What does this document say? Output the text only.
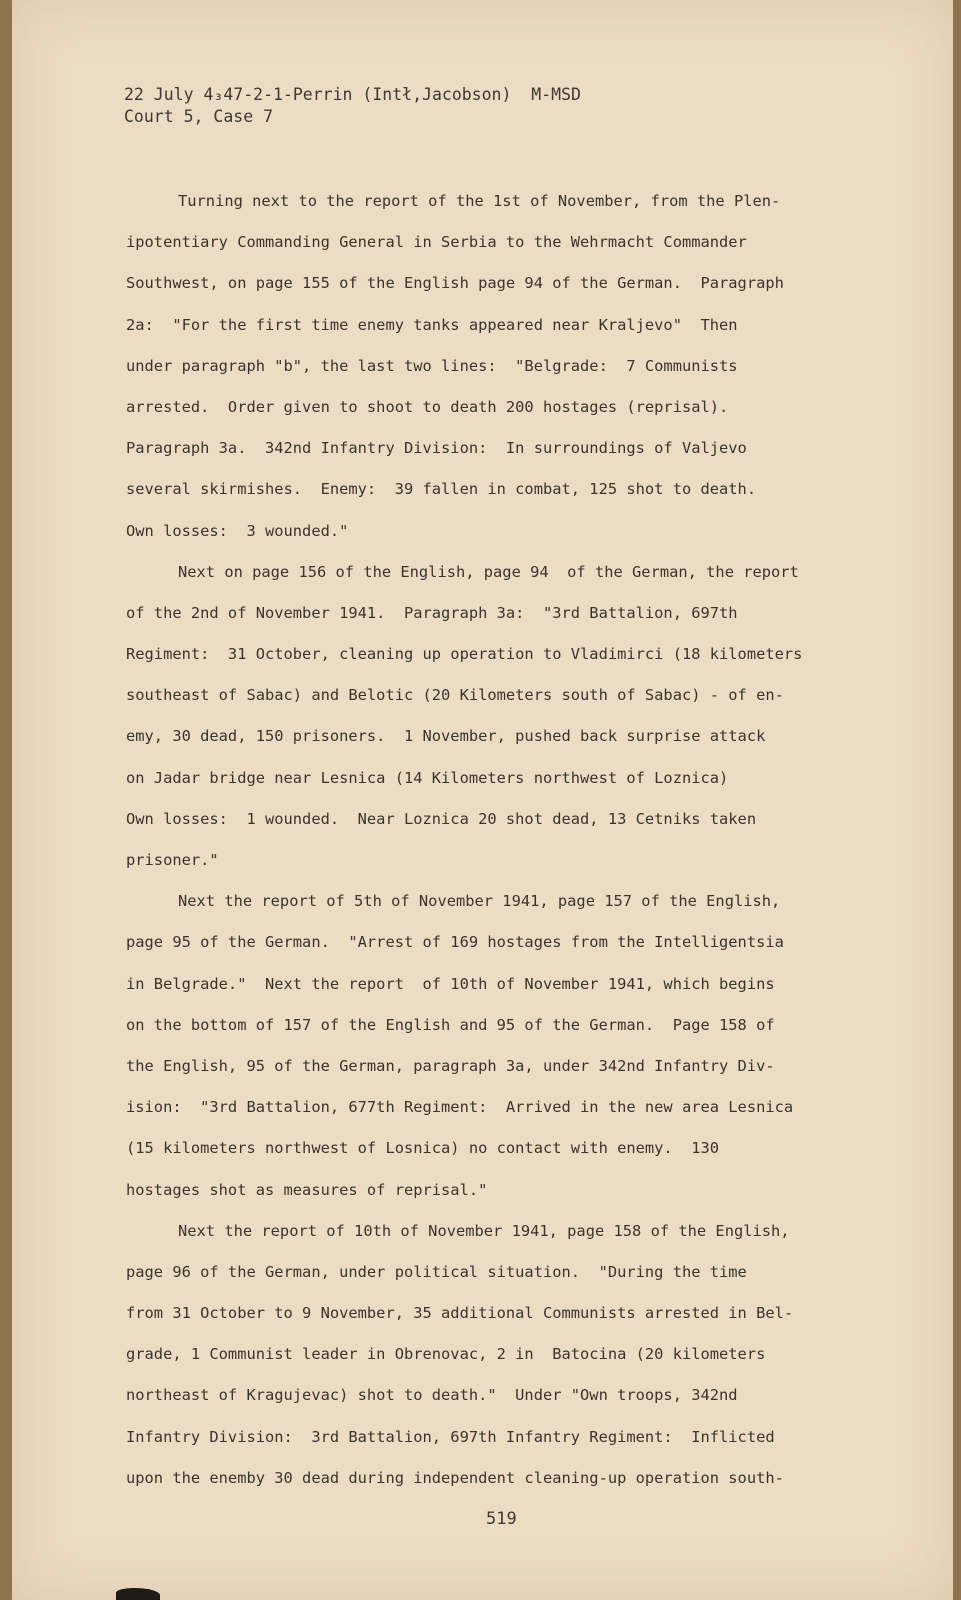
22 July 4₃47-2-1-Perrin (Intł,Jacobson)  M-MSD
Court 5, Case 7
Turning next to the report of the 1st of November, from the Plen-
ipotentiary Commanding General in Serbia to the Wehrmacht Commander
Southwest, on page 155 of the English page 94 of the German.  Paragraph
2a:  "For the first time enemy tanks appeared near Kraljevo"  Then
under paragraph "b", the last two lines:  "Belgrade:  7 Communists
arrested.  Order given to shoot to death 200 hostages (reprisal).
Paragraph 3a.  342nd Infantry Division:  In surroundings of Valjevo
several skirmishes.  Enemy:  39 fallen in combat, 125 shot to death.
Own losses:  3 wounded."
Next on page 156 of the English, page 94  of the German, the report
of the 2nd of November 1941.  Paragraph 3a:  "3rd Battalion, 697th
Regiment:  31 October, cleaning up operation to Vladimirci (18 kilometers
southeast of Sabac) and Belotic (20 Kilometers south of Sabac) - of en-
emy, 30 dead, 150 prisoners.  1 November, pushed back surprise attack
on Jadar bridge near Lesnica (14 Kilometers northwest of Loznica)
Own losses:  1 wounded.  Near Loznica 20 shot dead, 13 Cetniks taken
prisoner."
Next the report of 5th of November 1941, page 157 of the English,
page 95 of the German.  "Arrest of 169 hostages from the Intelligentsia
in Belgrade."  Next the report  of 10th of November 1941, which begins
on the bottom of 157 of the English and 95 of the German.  Page 158 of
the English, 95 of the German, paragraph 3a, under 342nd Infantry Div-
ision:  "3rd Battalion, 677th Regiment:  Arrived in the new area Lesnica
(15 kilometers northwest of Losnica) no contact with enemy.  130
hostages shot as measures of reprisal."
Next the report of 10th of November 1941, page 158 of the English,
page 96 of the German, under political situation.  "During the time
from 31 October to 9 November, 35 additional Communists arrested in Bel-
grade, 1 Communist leader in Obrenovac, 2 in  Batocina (20 kilometers
northeast of Kragujevac) shot to death."  Under "Own troops, 342nd
Infantry Division:  3rd Battalion, 697th Infantry Regiment:  Inflicted
upon the enemby 30 dead during independent cleaning-up operation south-
519
